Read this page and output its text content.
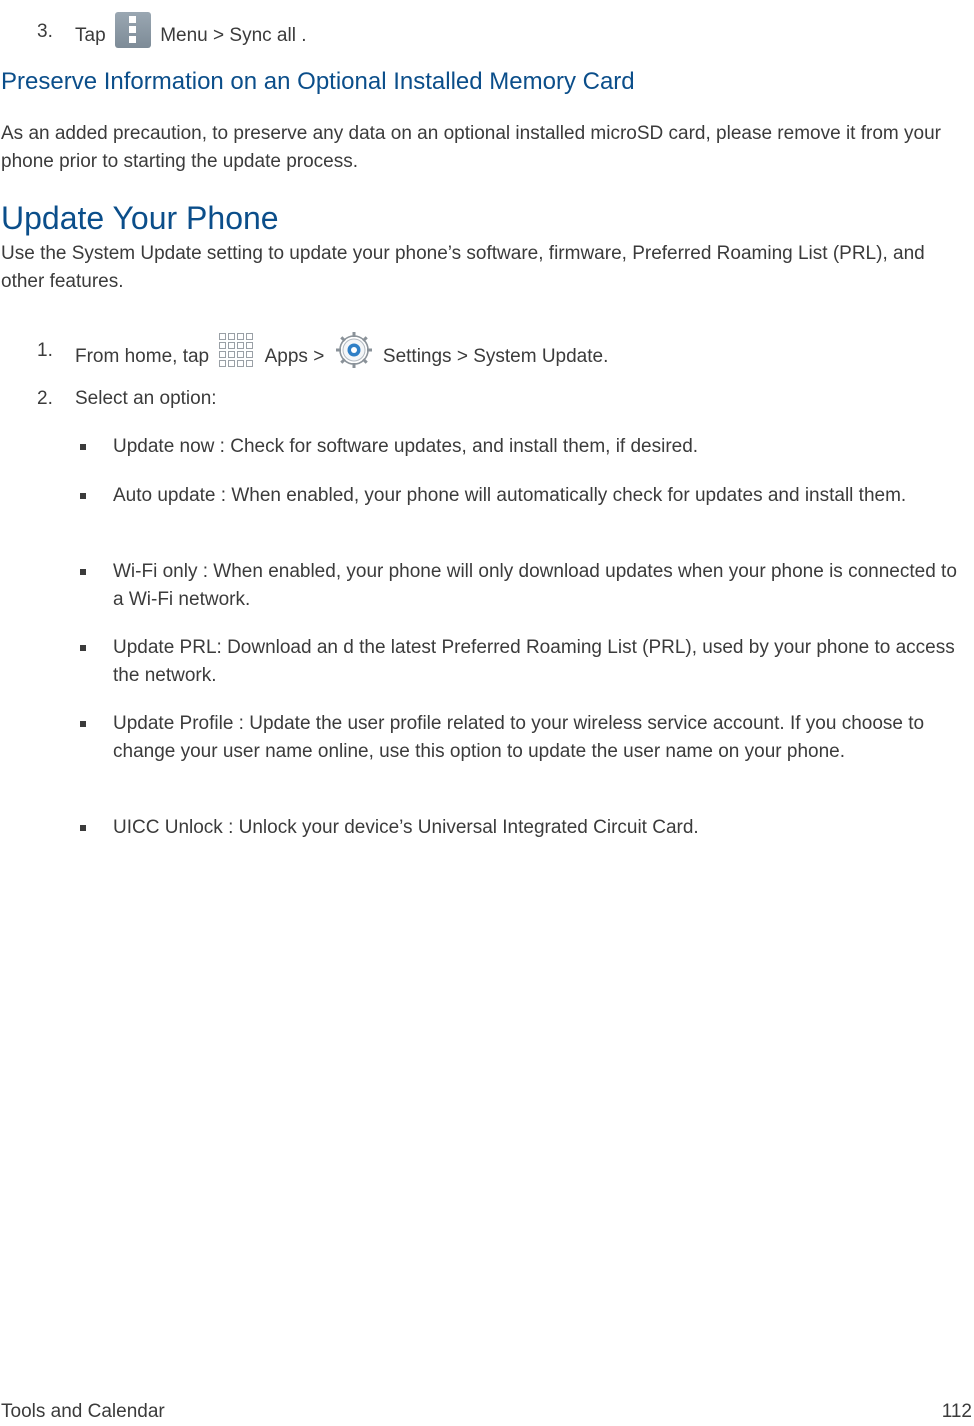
3. Tap	Menu > Sync all .
Preserve Information on an Optional Installed Memory Card
As an added precaution, to preserve any data on an optional installed microSD card, please remove it from your phone prior to starting the update process.
Update Your Phone
Use the System Update setting to update your phone’s software, firmware, Preferred Roaming List (PRL), and other features.
1. From home, tap	Apps >	Settings > System Update.
2. Select an option:
Update now : Check for software updates, and install them, if desired.
Auto update : When enabled, your phone will automatically check for updates and install them.
Wi-Fi only : When enabled, your phone will only download updates when your phone is connected to a Wi-Fi network.
Update PRL: Download an d the latest Preferred Roaming List (PRL), used by your phone to access the network.
Update Profile : Update the user profile related to your wireless service account. If you choose to change your user name online, use this option to update the user name on your phone.
UICC Unlock : Unlock your device’s Universal Integrated Circuit Card.
Tools and Calendar	112
